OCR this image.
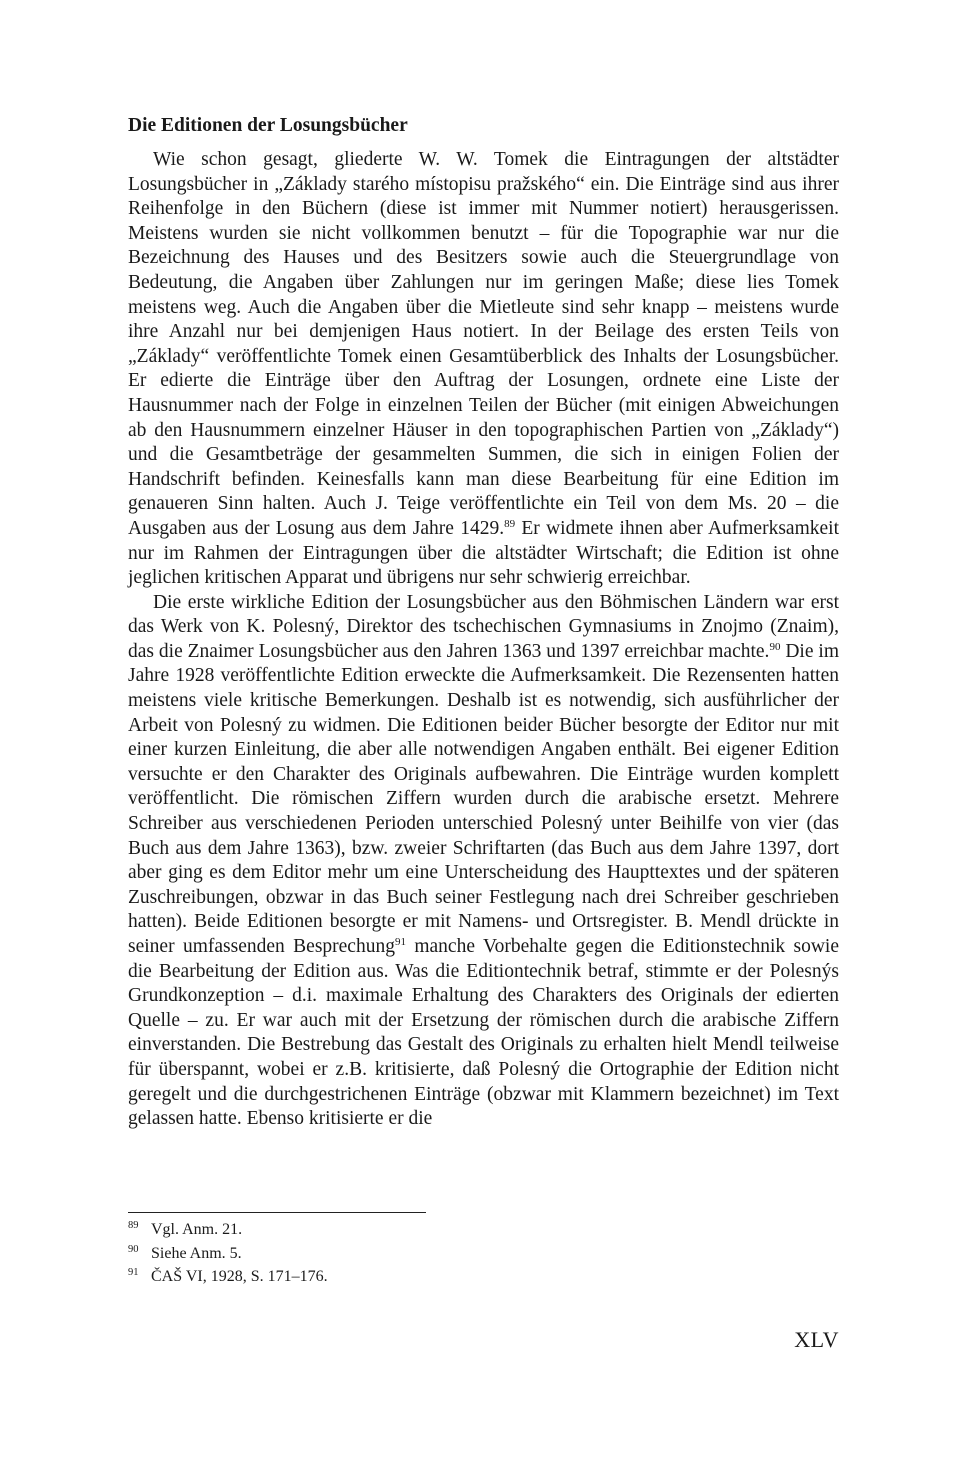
Die Editionen der Losungsbücher

Wie schon gesagt, gliederte W. W. Tomek die Eintragungen der altstädter Losungsbücher in „Základy starého místopisu pražského“ ein. Die Einträge sind aus ihrer Reihenfolge in den Büchern (diese ist immer mit Nummer notiert) herausgerissen. Meistens wurden sie nicht vollkommen benutzt – für die Topographie war nur die Bezeichnung des Hauses und des Besitzers sowie auch die Steuergrundlage von Bedeutung, die Angaben über Zahlungen nur im geringen Maße; diese lies Tomek meistens weg. Auch die Angaben über die Mietleute sind sehr knapp – meistens wurde ihre Anzahl nur bei demjenigen Haus notiert. In der Beilage des ersten Teils von „Základy“ veröffentlichte Tomek einen Gesamtüberblick des Inhalts der Losungsbücher. Er edierte die Einträge über den Auftrag der Losungen, ordnete eine Liste der Hausnummer nach der Folge in einzelnen Teilen der Bücher (mit einigen Abweichungen ab den Hausnummern einzelner Häuser in den topographischen Partien von „Základy“) und die Gesamtbeträge der gesammelten Summen, die sich in einigen Folien der Handschrift befinden. Keinesfalls kann man diese Bearbeitung für eine Edition im genaueren Sinn halten. Auch J. Teige veröffentlichte ein Teil von dem Ms. 20 – die Ausgaben aus der Losung aus dem Jahre 1429.89 Er widmete ihnen aber Aufmerksamkeit nur im Rahmen der Eintragungen über die altstädter Wirtschaft; die Edition ist ohne jeglichen kritischen Apparat und übrigens nur sehr schwierig erreichbar.

Die erste wirkliche Edition der Losungsbücher aus den Böhmischen Ländern war erst das Werk von K. Polesný, Direktor des tschechischen Gymnasiums in Znojmo (Znaim), das die Znaimer Losungsbücher aus den Jahren 1363 und 1397 erreichbar machte.$^{90}$ Die im Jahre 1928 veröffentlichte Edition erweckte die Aufmerksamkeit. Die Rezensenten hatten meistens viele kritische Bemerkungen. Deshalb ist es notwendig, sich ausführlicher der Arbeit von Polesný zu widmen. Die Editionen beider Bücher besorgte der Editor nur mit einer kurzen Einleitung, die aber alle notwendigen Angaben enthält. Bei eigener Edition versuchte er den Charakter des Originals aufbewahren. Die Einträge wurden komplett veröffentlicht. Die römischen Ziffern wurden durch die arabische ersetzt. Mehrere Schreiber aus verschiedenen Perioden unterschied Polesný unter Beihilfe von vier (das Buch aus dem Jahre 1363), bzw. zweier Schriftarten (das Buch aus dem Jahre 1397, dort aber ging es dem Editor mehr um eine Unterscheidung des Haupttextes und der späteren Zuschreibungen, obzwar in das Buch seiner Festlegung nach drei Schreiber geschrieben hatten). Beide Editionen besorgte er mit Namens- und Ortsregister. B. Mendl drückte in seiner umfassenden Besprechung$^{91}$ manche Vorbehalte gegen die Editionstechnik sowie die Bearbeitung der Edition aus. Was die Editiontechnik betraf, stimmte er der Polesnýs Grundkonzeption – d.i. maximale Erhaltung des Charakters des Originals der edierten Quelle – zu. Er war auch mit der Ersetzung der römischen durch die arabische Ziffern einverstanden. Die Bestrebung das Gestalt des Originals zu erhalten hielt Mendl teilweise für überspannt, wobei er z.B. kritisierte, daß Polesný die Ortographie der Edition nicht geregelt und die durchgestrichenen Einträge (obzwar mit Klammern bezeichnet) im Text gelassen hatte. Ebenso kritisierte er die

89 Vgl. Anm. 21.

90 Siehe Anm. 5.

91 ČAŠ VI, 1928, S. 171–176.

XLV
